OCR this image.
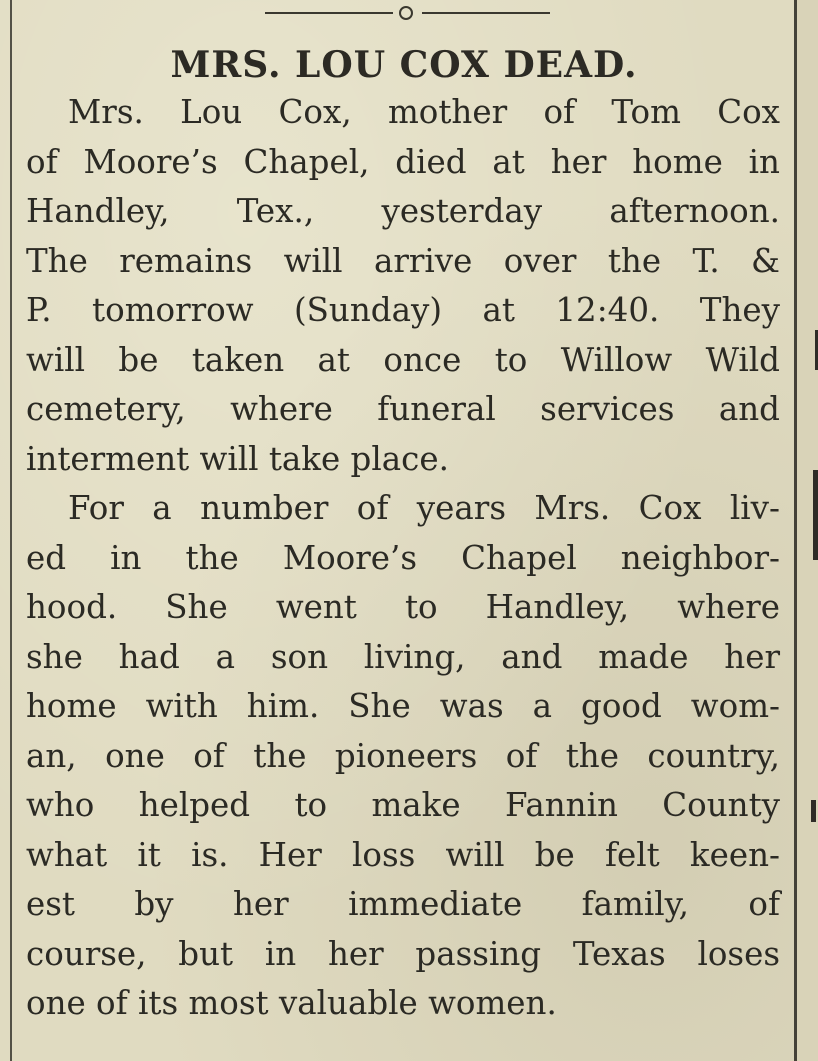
MRS. LOU COX DEAD.
Mrs. Lou Cox, mother of Tom Cox
of Moore’s Chapel, died at her home in
Handley, Tex., yesterday afternoon.
The remains will arrive over the T. &
P. tomorrow (Sunday) at 12:40. They
will be taken at once to Willow Wild
cemetery, where funeral services and
interment will take place.
For a number of years Mrs. Cox liv-
ed in the Moore’s Chapel neighbor-
hood. She went to Handley, where
she had a son living, and made her
home with him. She was a good wom-
an, one of the pioneers of the country,
who helped to make Fannin County
what it is. Her loss will be felt keen-
est by her immediate family, of
course, but in her passing Texas loses
one of its most valuable women.
